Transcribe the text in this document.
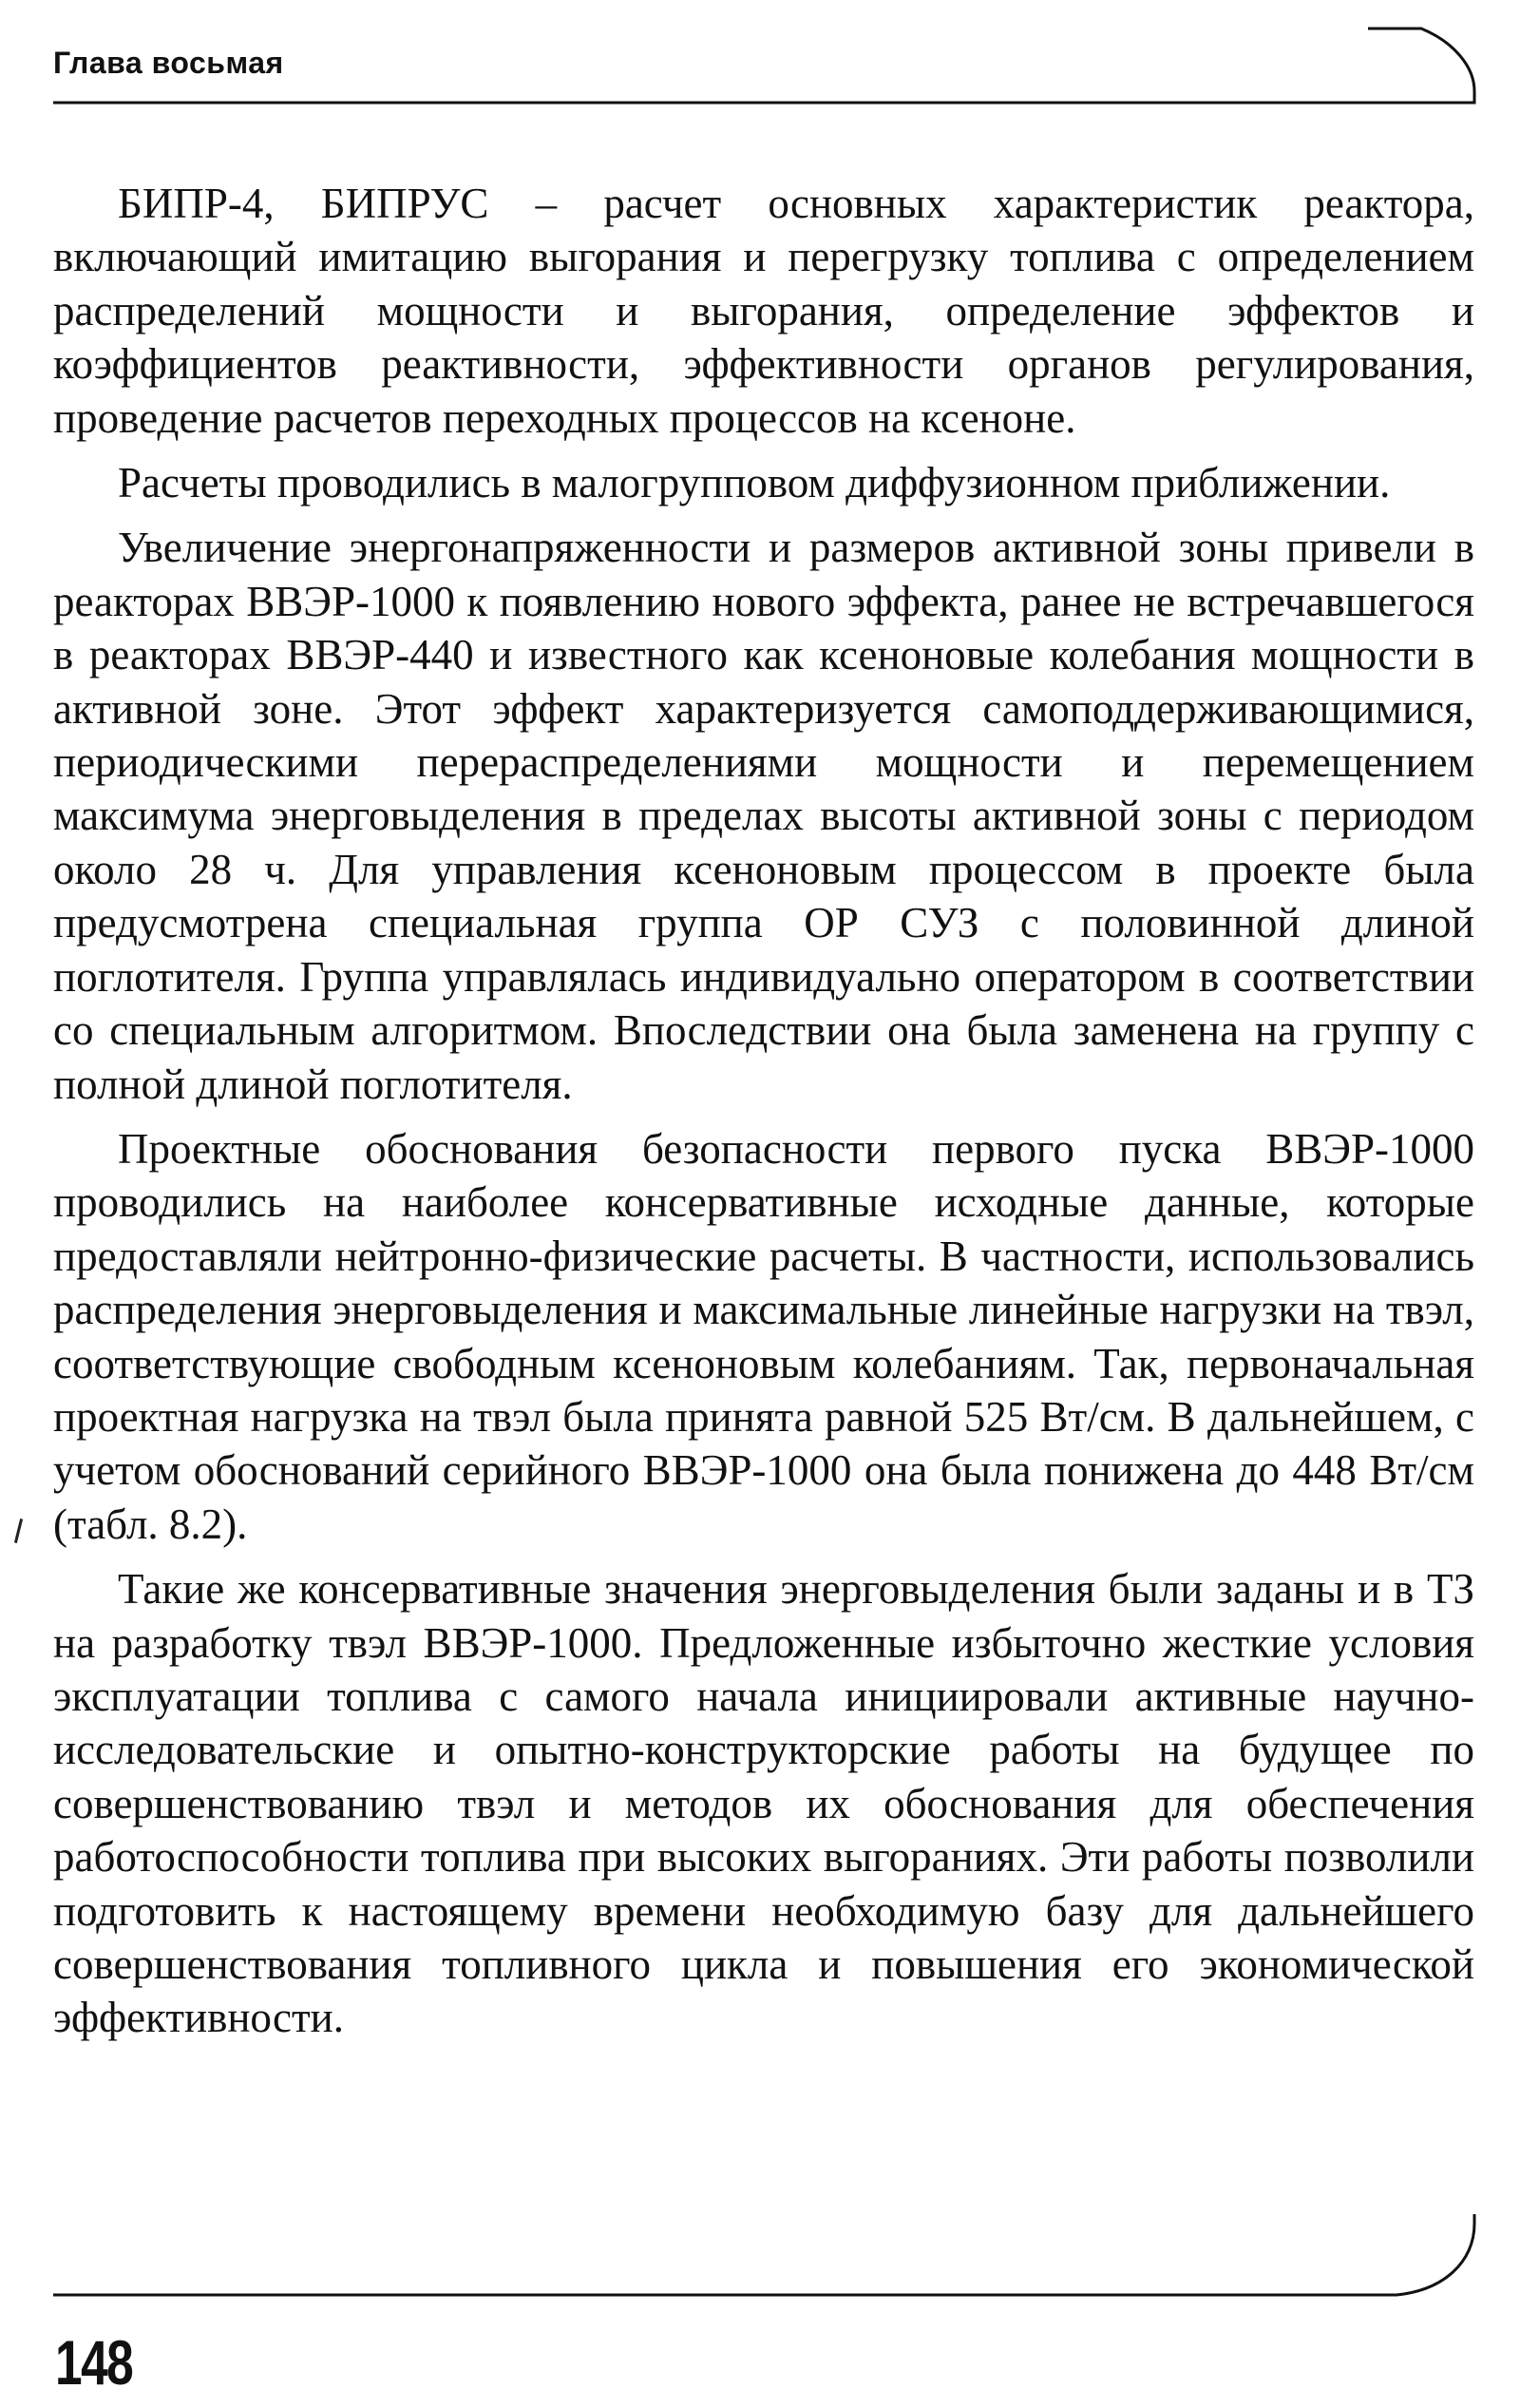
Глава восьмая

БИПР-4, БИПРУС – расчет основных характеристик реактора, включающий имитацию выгорания и перегрузку топлива с определением распределений мощности и выгорания, определение эффектов и коэффициентов реактивности, эффективности органов регулирования, проведение расчетов переходных процессов на ксеноне.

Расчеты проводились в малогрупповом диффузионном приближении.

Увеличение энергонапряженности и размеров активной зоны привели в реакторах ВВЭР-1000 к появлению нового эффекта, ранее не встречавшегося в реакторах ВВЭР-440 и известного как ксеноновые колебания мощности в активной зоне. Этот эффект характеризуется самоподдерживающимися, периодическими перераспределениями мощности и перемещением максимума энерговыделения в пределах высоты активной зоны с периодом около 28 ч. Для управления ксеноновым процессом в проекте была предусмотрена специальная группа ОР СУЗ с половинной длиной поглотителя. Группа управлялась индивидуально оператором в соответствии со специальным алгоритмом. Впоследствии она была заменена на группу с полной длиной поглотителя.

Проектные обоснования безопасности первого пуска ВВЭР-1000 проводились на наиболее консервативные исходные данные, которые предоставляли нейтронно-физические расчеты. В частности, использовались распределения энерговыделения и максимальные линейные нагрузки на твэл, соответствующие свободным ксеноновым колебаниям. Так, первоначальная проектная нагрузка на твэл была принята равной 525 Вт/см. В дальнейшем, с учетом обоснований серийного ВВЭР-1000 она была понижена до 448 Вт/см (табл. 8.2).

Такие же консервативные значения энерговыделения были заданы и в ТЗ на разработку твэл ВВЭР-1000. Предложенные избыточно жесткие условия эксплуатации топлива с самого начала инициировали активные научно-исследовательские и опытно-конструкторские работы на будущее по совершенствованию твэл и методов их обоснования для обеспечения работоспособности топлива при высоких выгорaниях. Эти работы позволили подготовить к настоящему времени необходимую базу для дальнейшего совершенствования топливного цикла и повышения его экономической эффективности.

148
